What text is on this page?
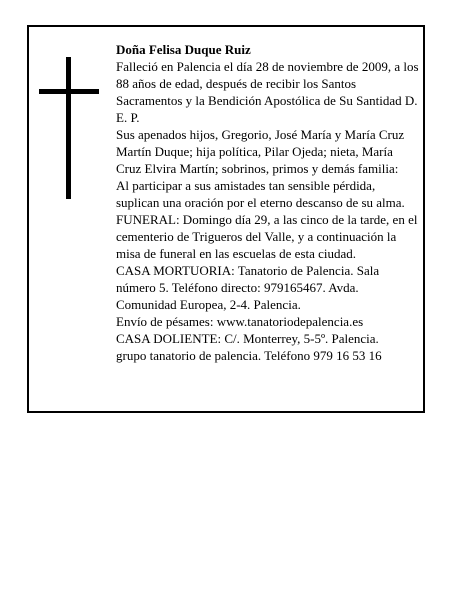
Doña Felisa Duque Ruiz

Falleció en Palencia el día 28 de noviembre de 2009, a los 88 años de edad, después de recibir los Santos Sacramentos y la Bendición Apostólica de Su Santidad D. E. P.

Sus apenados hijos, Gregorio, José María y María Cruz Martín Duque; hija política, Pilar Ojeda; nieta, María Cruz Elvira Martín; sobrinos, primos y demás familia:

Al participar a sus amistades tan sensible pérdida, suplican una oración por el eterno descanso de su alma.

FUNERAL: Domingo día 29, a las cinco de la tarde, en el cementerio de Trigueros del Valle, y a continuación la misa de funeral en las escuelas de esta ciudad.

CASA MORTUORIA: Tanatorio de Palencia. Sala número 5. Teléfono directo: 979165467. Avda. Comunidad Europea, 2-4. Palencia.

Envío de pésames: www.tanatoriodepalencia.es

CASA DOLIENTE: C/. Monterrey, 5-5º. Palencia.

grupo tanatorio de palencia. Teléfono 979 16 53 16
